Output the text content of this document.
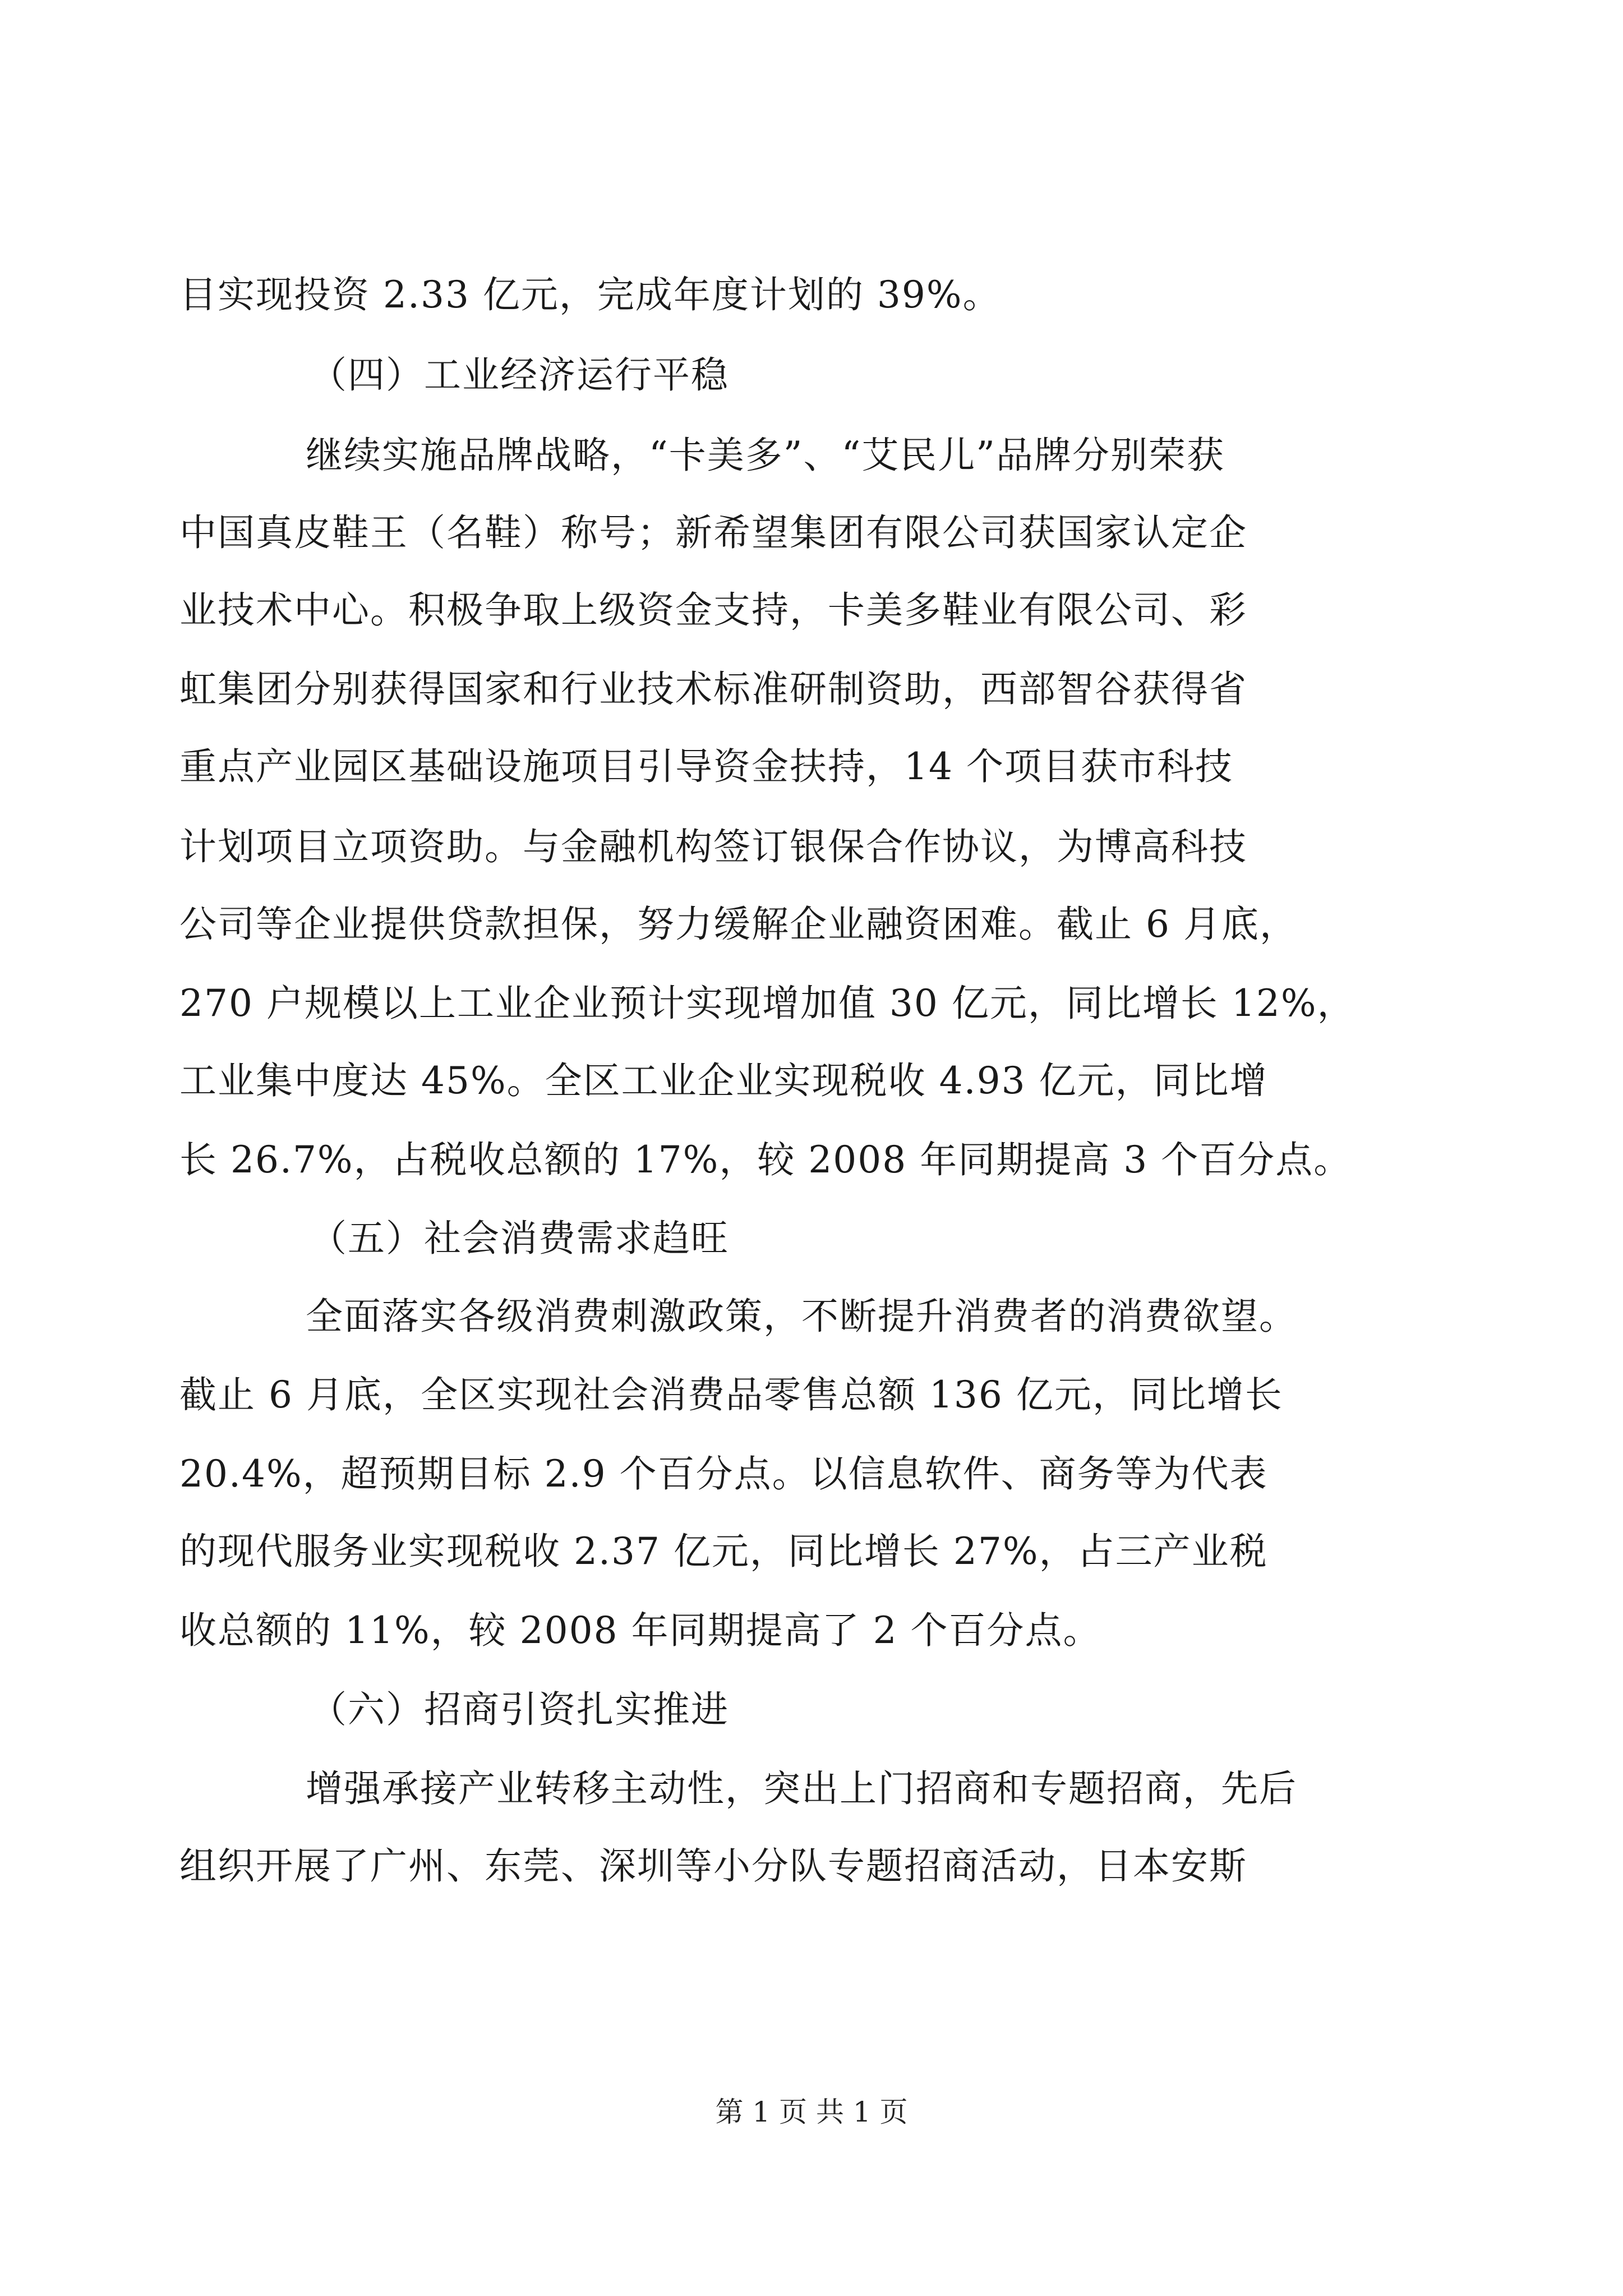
目实现投资 2.33 亿元，完成年度计划的 39%。
（四）工业经济运行平稳
继续实施品牌战略，“卡美多”、“艾民儿”品牌分别荣获
中国真皮鞋王（名鞋）称号；新希望集团有限公司获国家认定企
业技术中心。积极争取上级资金支持，卡美多鞋业有限公司、彩
虹集团分别获得国家和行业技术标准研制资助，西部智谷获得省
重点产业园区基础设施项目引导资金扶持，14 个项目获市科技
计划项目立项资助。与金融机构签订银保合作协议，为博高科技
公司等企业提供贷款担保，努力缓解企业融资困难。截止 6 月底，
270 户规模以上工业企业预计实现增加值 30 亿元，同比增长 12%，
工业集中度达 45%。全区工业企业实现税收 4.93 亿元，同比增
长 26.7%，占税收总额的 17%，较 2008 年同期提高 3 个百分点。
（五）社会消费需求趋旺
全面落实各级消费刺激政策，不断提升消费者的消费欲望。
截止 6 月底，全区实现社会消费品零售总额 136 亿元，同比增长
20.4%，超预期目标 2.9 个百分点。以信息软件、商务等为代表
的现代服务业实现税收 2.37 亿元，同比增长 27%，占三产业税
收总额的 11%，较 2008 年同期提高了 2 个百分点。
（六）招商引资扎实推进
增强承接产业转移主动性，突出上门招商和专题招商，先后
组织开展了广州、东莞、深圳等小分队专题招商活动，日本安斯
第 1 页 共 1 页
